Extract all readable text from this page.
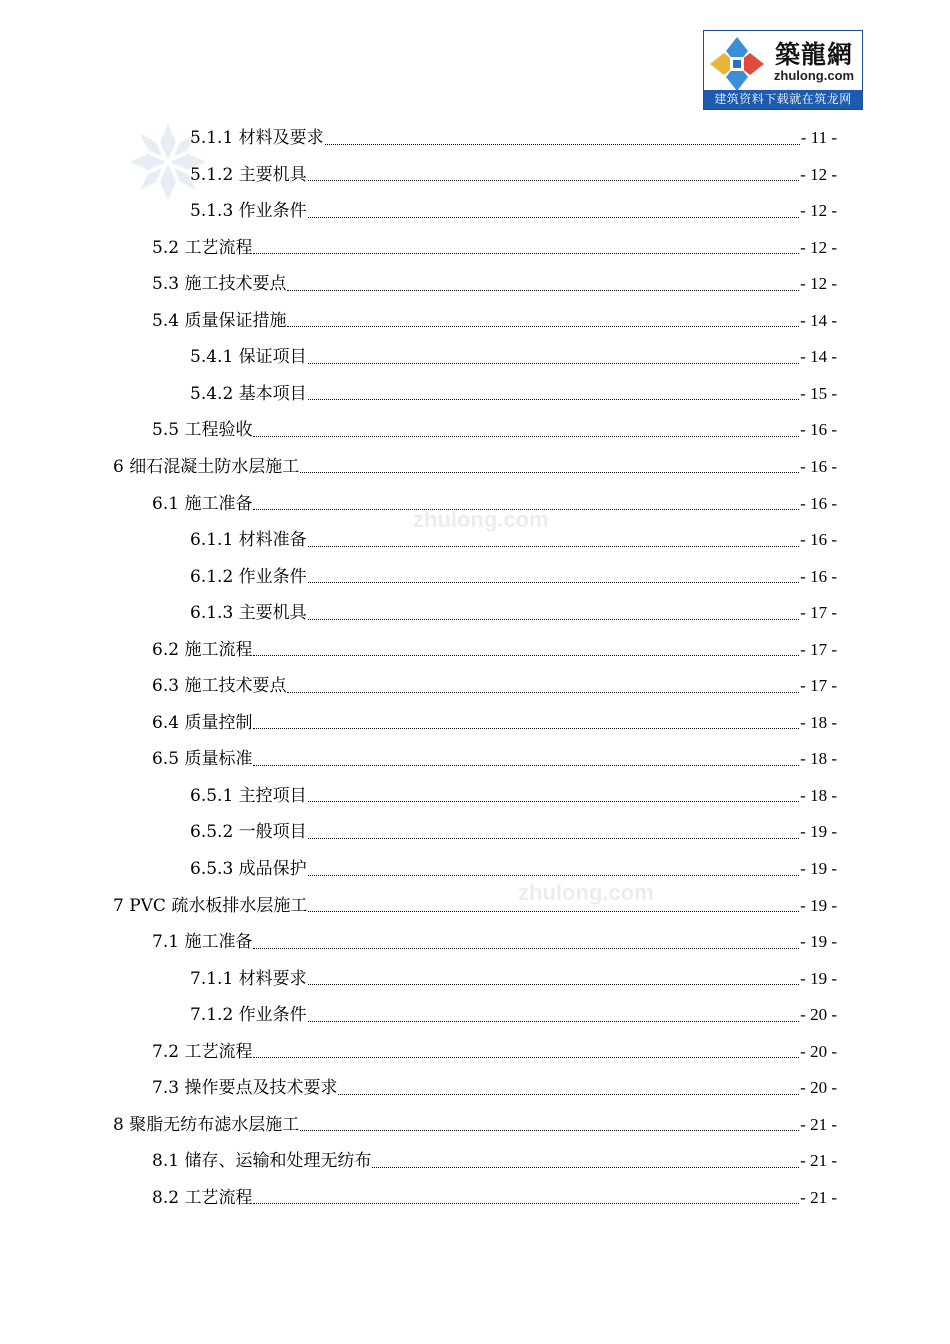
築龍網
zhulong.com
建筑资料下载就在筑龙网
zhulong.com
zhulong.com
5.1.1 材料及要求	- 11 -
5.1.2 主要机具	- 12 -
5.1.3 作业条件	- 12 -
5.2 工艺流程	- 12 -
5.3 施工技术要点	- 12 -
5.4 质量保证措施	- 14 -
5.4.1 保证项目	- 14 -
5.4.2 基本项目	- 15 -
5.5 工程验收	- 16 -
6 细石混凝土防水层施工	- 16 -
6.1 施工准备	- 16 -
6.1.1 材料准备	- 16 -
6.1.2 作业条件	- 16 -
6.1.3 主要机具	- 17 -
6.2 施工流程	- 17 -
6.3 施工技术要点	- 17 -
6.4 质量控制	- 18 -
6.5 质量标准	- 18 -
6.5.1 主控项目	- 18 -
6.5.2 一般项目	- 19 -
6.5.3 成品保护	- 19 -
7 PVC 疏水板排水层施工	- 19 -
7.1 施工准备	- 19 -
7.1.1 材料要求	- 19 -
7.1.2 作业条件	- 20 -
7.2 工艺流程	- 20 -
7.3 操作要点及技术要求	- 20 -
8 聚脂无纺布滤水层施工	- 21 -
8.1 储存、运输和处理无纺布	- 21 -
8.2 工艺流程	- 21 -
